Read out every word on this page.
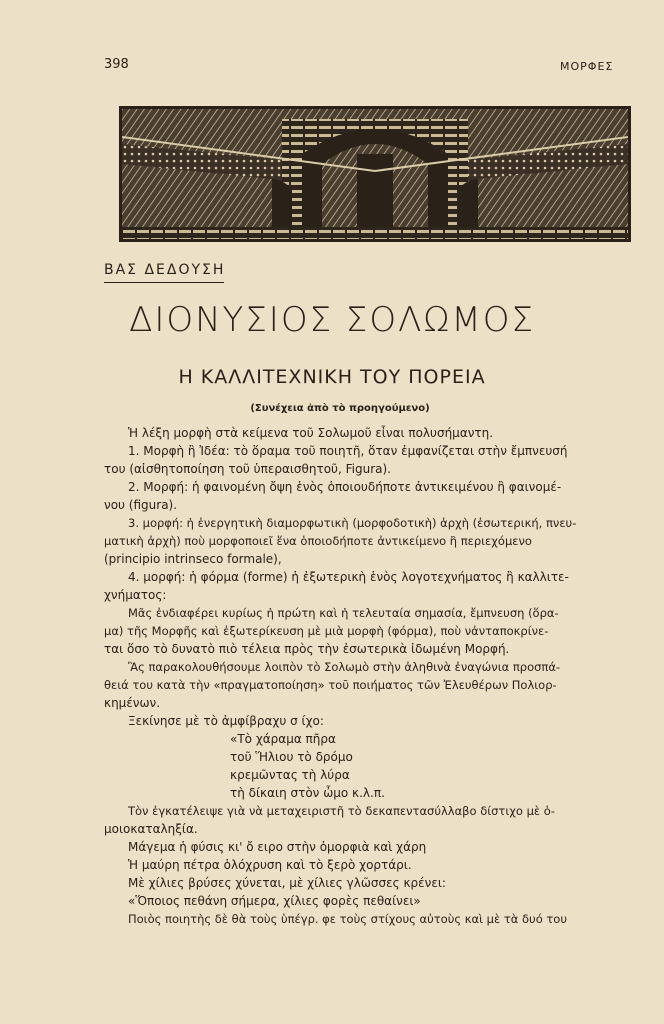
398	ΜΟΡΦΕΣ
ΒΑΣ ΔΕΔΟΥΣΗ
ΔΙΟΝΥΣΙΟΣ ΣΟΛΩΜΟΣ
Η ΚΑΛΛΙΤΕΧΝΙΚΗ ΤΟΥ ΠΟΡΕΙΑ
(Συνέχεια ἀπὸ τὸ προηγούμενο)
Ἡ λέξη μορφὴ στὰ κείμενα τοῦ Σολωμοῦ εἶναι πολυσήμαντη.
1. Μορφὴ ἢ Ἰδέα: τὸ ὅραμα τοῦ ποιητῆ, ὅταν ἐμφανίζεται στὴν ἔμπνευσή
του (αἰσθητοποίηση τοῦ ὑπεραισθητοῦ, Figura).
2. Μορφή: ἡ φαινομένη ὄψη ἑνὸς ὁποιουδήποτε ἀντικειμένου ἢ φαινομέ-
νου (figura).
3. μορφή: ἡ ἐνεργητικὴ διαμορφωτικὴ (μορφοδοτικὴ) ἀρχὴ (ἐσωτερική, πνευ-
ματικὴ ἀρχὴ) ποὺ μορφοποιεῖ ἕνα ὁποιοδήποτε ἀντικείμενο ἢ περιεχόμενο
(principio intrinseco formale),
4. μορφή: ἡ φόρμα (forme) ἡ ἐξωτερικὴ ἑνὸς λογοτεχνήματος ἢ καλλιτε-
χνήματος:
Μᾶς ἐνδιαφέρει κυρίως ἡ πρώτη καὶ ἡ τελευταία σημασία, ἔμπνευση (ὅρα-
μα) τῆς Μορφῆς καὶ ἐξωτερίκευση μὲ μιὰ μορφὴ (φόρμα), ποὺ νἀνταποκρίνε-
ται ὅσο τὸ δυνατὸ πιὸ τέλεια πρὸς τὴν ἐσωτερικὰ ἰδωμένη Μορφή.
Ἂς παρακολουθήσουμε λοιπὸν τὸ Σολωμὸ στὴν ἀληθινὰ ἐναγώνια προσπά-
θειά του κατὰ τὴν «πραγματοποίηση» τοῦ ποιήματος τῶν Ἐλευθέρων Πολιορ-
κημένων.
Ξεκίνησε μὲ τὸ ἀμφίβραχυ σ ίχο:
«Τὸ χάραμα πῆρα
τοῦ Ἥλιου τὸ δρόμο
κρεμῶντας τὴ λύρα
τὴ δίκαιη στὸν ὦμο κ.λ.π.
Τὸν ἐγκατέλειψε γιὰ νὰ μεταχειριστῆ τὸ δεκαπεντασύλλαβο δίστιχο μὲ ὁ-
μοιοκαταληξία.
Μάγεμα ἡ φύσις κι' ὄ ειρο στὴν ὀμορφιὰ καὶ χάρη
Ἡ μαύρη πέτρα ὁλόχρυση καὶ τὸ ξερὸ χορτάρι.
Μὲ χίλιες βρύσες χύνεται, μὲ χίλιες γλῶσσες κρένει:
«Ὅποιος πεθάνη σήμερα, χίλιες φορὲς πεθαίνει»
Ποιὸς ποιητὴς δὲ θὰ τοὺς ὑπέγρ. φε τοὺς στίχους αὐτοὺς καὶ μὲ τὰ δυό του
